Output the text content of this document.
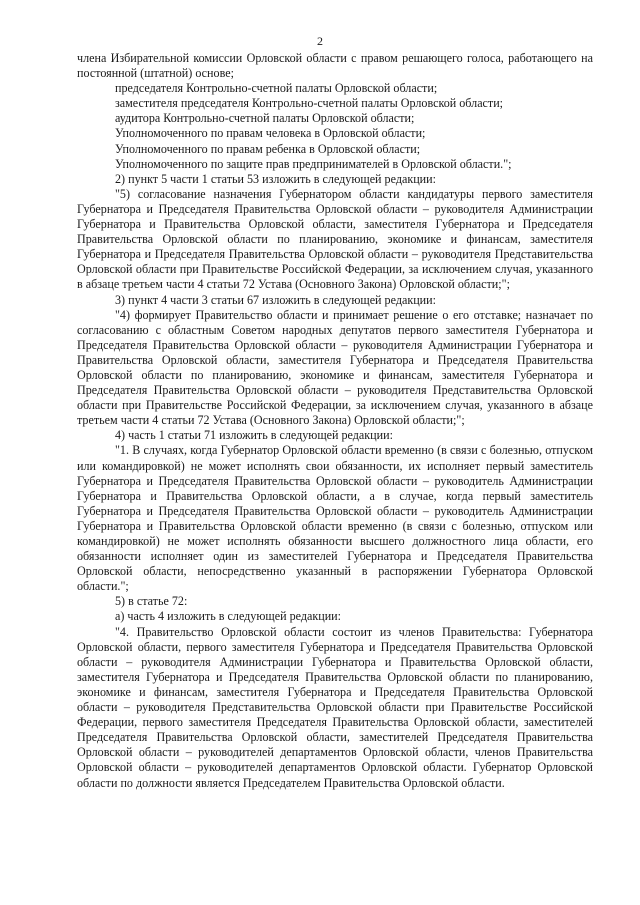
2

члена Избирательной комиссии Орловской области с правом решающего голоса, работающего на постоянной (штатной) основе;

председателя Контрольно-счетной палаты Орловской области;

заместителя председателя Контрольно-счетной палаты Орловской области;

аудитора Контрольно-счетной палаты Орловской области;

Уполномоченного по правам человека в Орловской области;

Уполномоченного по правам ребенка в Орловской области;

Уполномоченного по защите прав предпринимателей в Орловской области.";

2) пункт 5 части 1 статьи 53 изложить в следующей редакции:

"5) согласование назначения Губернатором области кандидатуры первого заместителя Губернатора и Председателя Правительства Орловской области – руководителя Администрации Губернатора и Правительства Орловской области, заместителя Губернатора и Председателя Правительства Орловской области по планированию, экономике и финансам, заместителя Губернатора и Председателя Правительства Орловской области – руководителя Представительства Орловской области при Правительстве Российской Федерации, за исключением случая, указанного в абзаце третьем части 4 статьи 72 Устава (Основного Закона) Орловской области;";

3) пункт 4 части 3 статьи 67 изложить в следующей редакции:

"4) формирует Правительство области и принимает решение о его отставке; назначает по согласованию с областным Советом народных депутатов первого заместителя Губернатора и Председателя Правительства Орловской области – руководителя Администрации Губернатора и Правительства Орловской области, заместителя Губернатора и Председателя Правительства Орловской области по планированию, экономике и финансам, заместителя Губернатора и Председателя Правительства Орловской области – руководителя Представительства Орловской области при Правительстве Российской Федерации, за исключением случая, указанного в абзаце третьем части 4 статьи 72 Устава (Основного Закона) Орловской области;";

4) часть 1 статьи 71 изложить в следующей редакции:

"1. В случаях, когда Губернатор Орловской области временно (в связи с болезнью, отпуском или командировкой) не может исполнять свои обязанности, их исполняет первый заместитель Губернатора и Председателя Правительства Орловской области – руководитель Администрации Губернатора и Правительства Орловской области, а в случае, когда первый заместитель Губернатора и Председателя Правительства Орловской области – руководитель Администрации Губернатора и Правительства Орловской области временно (в связи с болезнью, отпуском или командировкой) не может исполнять обязанности высшего должностного лица области, его обязанности исполняет один из заместителей Губернатора и Председателя Правительства Орловской области, непосредственно указанный в распоряжении Губернатора Орловской области.";

5) в статье 72:

а) часть 4 изложить в следующей редакции:

"4. Правительство Орловской области состоит из членов Правительства: Губернатора Орловской области, первого заместителя Губернатора и Председателя Правительства Орловской области – руководителя Администрации Губернатора и Правительства Орловской области, заместителя Губернатора и Председателя Правительства Орловской области по планированию, экономике и финансам, заместителя Губернатора и Председателя Правительства Орловской области – руководителя Представительства Орловской области при Правительстве Российской Федерации, первого заместителя Председателя Правительства Орловской области, заместителей Председателя Правительства Орловской области, заместителей Председателя Правительства Орловской области – руководителей департаментов Орловской области, членов Правительства Орловской области – руководителей департаментов Орловской области. Губернатор Орловской области по должности является Председателем Правительства Орловской области.
